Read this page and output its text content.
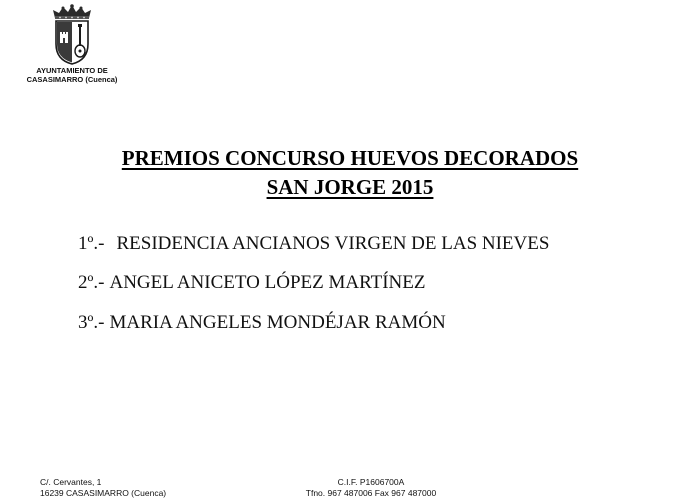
AYUNTAMIENTO DE
CASASIMARRO (Cuenca)
PREMIOS CONCURSO HUEVOS DECORADOS
SAN JORGE 2015
1º.- RESIDENCIA ANCIANOS VIRGEN DE LAS NIEVES
2º.- ANGEL ANICETO LÓPEZ MARTÍNEZ
3º.- MARIA ANGELES MONDÉJAR RAMÓN
C/. Cervantes, 1
16239 CASASIMARRO (Cuenca)
C.I.F. P1606700A
Tfno. 967 487006 Fax 967 487000
